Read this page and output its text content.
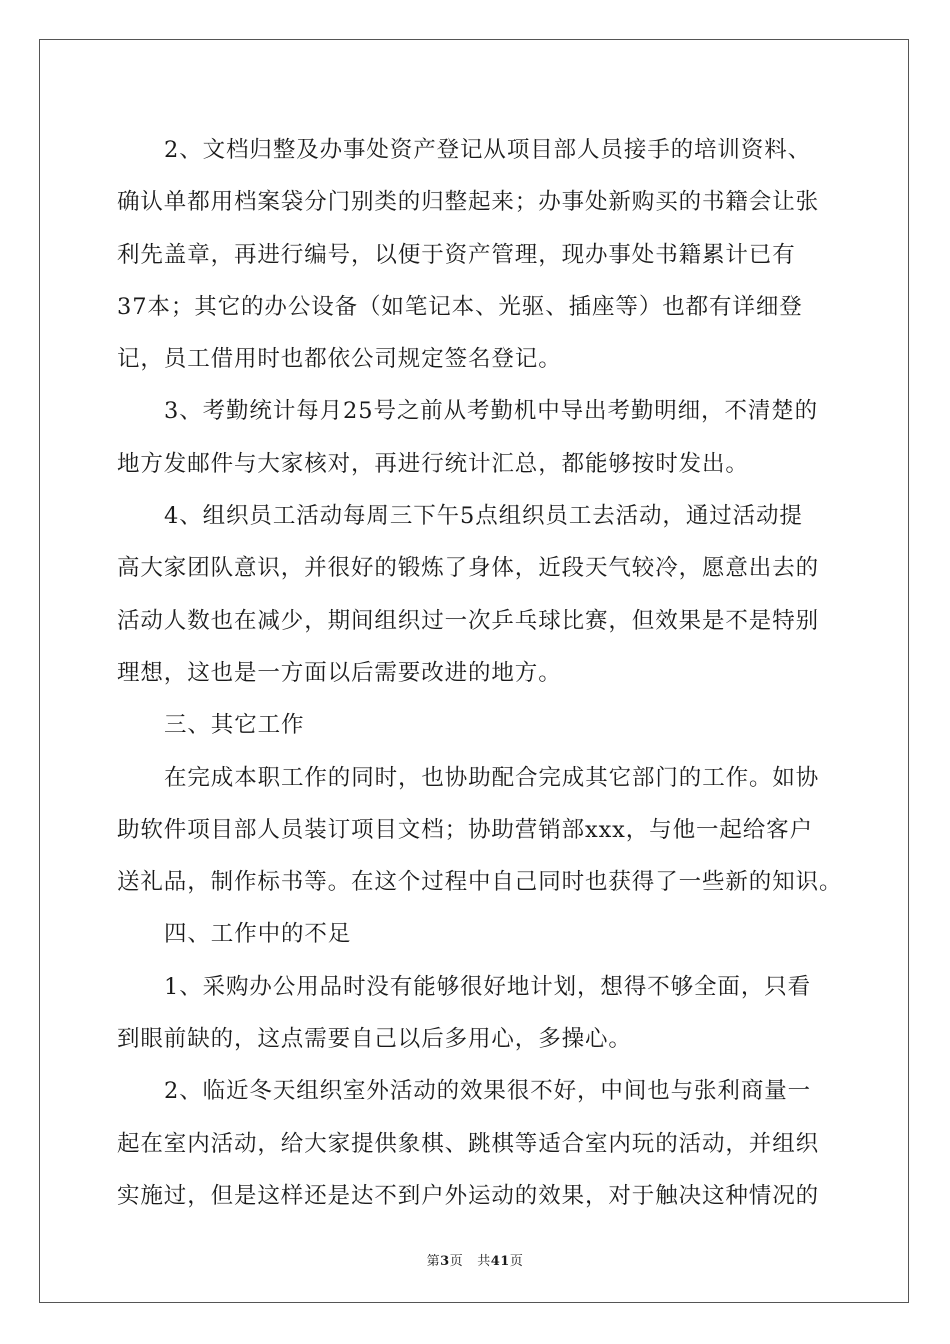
2、文档归整及办事处资产登记从项目部人员接手的培训资料、
确认单都用档案袋分门别类的归整起来；办事处新购买的书籍会让张
利先盖章，再进行编号，以便于资产管理，现办事处书籍累计已有
37本；其它的办公设备（如笔记本、光驱、插座等）也都有详细登
记，员工借用时也都依公司规定签名登记。
3、考勤统计每月25号之前从考勤机中导出考勤明细，不清楚的
地方发邮件与大家核对，再进行统计汇总，都能够按时发出。
4、组织员工活动每周三下午5点组织员工去活动，通过活动提
高大家团队意识，并很好的锻炼了身体，近段天气较冷，愿意出去的
活动人数也在减少，期间组织过一次乒乓球比赛，但效果是不是特别
理想，这也是一方面以后需要改进的地方。
三、其它工作
在完成本职工作的同时，也协助配合完成其它部门的工作。如协
助软件项目部人员装订项目文档；协助营销部xxx，与他一起给客户
送礼品，制作标书等。在这个过程中自己同时也获得了一些新的知识。
四、工作中的不足
1、采购办公用品时没有能够很好地计划，想得不够全面，只看
到眼前缺的，这点需要自己以后多用心，多操心。
2、临近冬天组织室外活动的效果很不好，中间也与张利商量一
起在室内活动，给大家提供象棋、跳棋等适合室内玩的活动，并组织
实施过，但是这样还是达不到户外运动的效果，对于触决这种情况的
第3页 共41页
